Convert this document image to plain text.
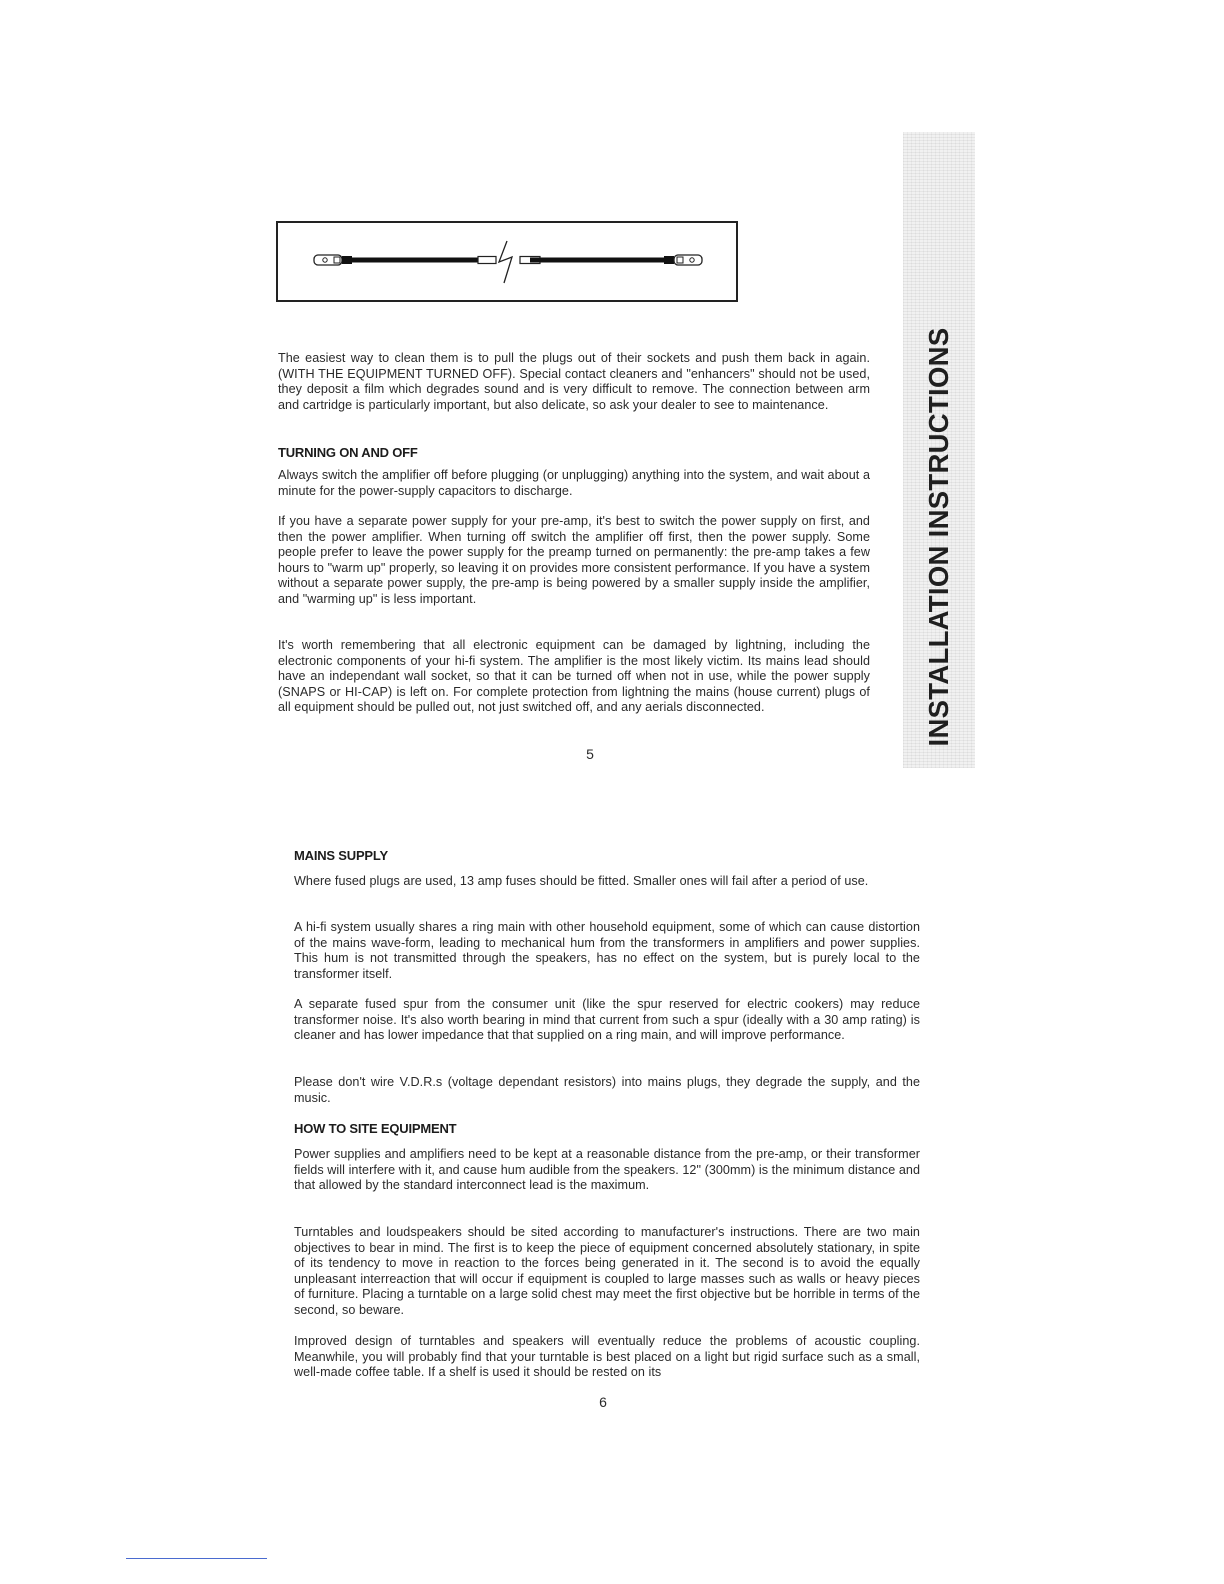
The easiest way to clean them is to pull the plugs out of their sockets and push them back in again. (WITH THE EQUIPMENT TURNED OFF). Special contact cleaners and "enhancers" should not be used, they deposit a film which degrades sound and is very difficult to remove. The connection between arm and cartridge is particularly important, but also delicate, so ask your dealer to see to maintenance.

TURNING ON AND OFF

Always switch the amplifier off before plugging (or unplugging) anything into the system, and wait about a minute for the power-supply capacitors to discharge.

If you have a separate power supply for your pre-amp, it's best to switch the power supply on first, and then the power amplifier. When turning off switch the amplifier off first, then the power supply. Some people prefer to leave the power supply for the preamp turned on permanently: the pre-amp takes a few hours to "warm up" properly, so leaving it on provides more consistent performance. If you have a system without a separate power supply, the pre-amp is being powered by a smaller supply inside the amplifier, and "warming up" is less important.

It's worth remembering that all electronic equipment can be damaged by lightning, including the electronic components of your hi-fi system. The amplifier is the most likely victim. Its mains lead should have an independant wall socket, so that it can be turned off when not in use, while the power supply (SNAPS or HI-CAP) is left on. For complete protection from lightning the mains (house current) plugs of all equipment should be pulled out, not just switched off, and any aerials disconnected.

5
INSTALLATION INSTRUCTIONS

MAINS SUPPLY

Where fused plugs are used, 13 amp fuses should be fitted. Smaller ones will fail after a period of use.

A hi-fi system usually shares a ring main with other household equipment, some of which can cause distortion of the mains wave-form, leading to mechanical hum from the transformers in amplifiers and power supplies. This hum is not transmitted through the speakers, has no effect on the system, but is purely local to the transformer itself.

A separate fused spur from the consumer unit (like the spur reserved for electric cookers) may reduce transformer noise. It's also worth bearing in mind that current from such a spur (ideally with a 30 amp rating) is cleaner and has lower impedance that that supplied on a ring main, and will improve performance.

Please don't wire V.D.R.s (voltage dependant resistors) into mains plugs, they degrade the supply, and the music.

HOW TO SITE EQUIPMENT

Power supplies and amplifiers need to be kept at a reasonable distance from the pre-amp, or their transformer fields will interfere with it, and cause hum audible from the speakers. 12" (300mm) is the minimum distance and that allowed by the standard interconnect lead is the maximum.

Turntables and loudspeakers should be sited according to manufacturer's instructions. There are two main objectives to bear in mind. The first is to keep the piece of equipment concerned absolutely stationary, in spite of its tendency to move in reaction to the forces being generated in it. The second is to avoid the equally unpleasant interreaction that will occur if equipment is coupled to large masses such as walls or heavy pieces of furniture. Placing a turntable on a large solid chest may meet the first objective but be horrible in terms of the second, so beware.

Improved design of turntables and speakers will eventually reduce the problems of acoustic coupling. Meanwhile, you will probably find that your turntable is best placed on a light but rigid surface such as a small, well-made coffee table. If a shelf is used it should be rested on its

6
